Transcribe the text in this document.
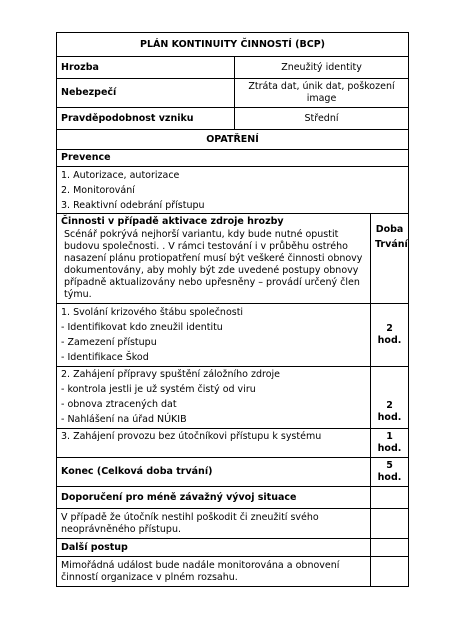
PLÁN KONTINUITY ČINNOSTÍ (BCP)		
Hrozba	Zneužitý identity	
Nebezpečí	Ztráta dat, únik dat, poškození image	
Pravděpodobnost vzniku	Střední	
OPATŘENÍ		
Prevence		

1. Autorizace, autorizace
2. Monitorování
3. Reaktivní odebrání přístupu		

Činnosti v případě aktivace zdroje hrozby
Scénář pokrývá nejhorší variantu, kdy bude nutné opustit budovu společnosti. . V rámci testování i v průběhu ostrého nasazení plánu protiopatření musí být veškeré činnosti obnovy dokumentovány, aby mohly být zde uvedené postupy obnovy případně aktualizovány nebo upřesněny – provádí určený člen týmu.		Doba Trvání

1. Svolání krizového štábu společnosti
- Identifikovat kdo zneužil identitu
- Zamezení přístupu
- Identifikace Škod		2 hod.

2. Zahájení přípravy spuštění záložního zdroje
- kontrola jestli je už systém čistý od viru
- obnova ztracených dat
- Nahlášení na úřad NÚKIB		2 hod.
3. Zahájení provozu bez útočníkovi přístupu k systému		1 hod.
Konec (Celková doba trvání)		5 hod.
Doporučení pro méně závažný vývoj situace		
V případě že útočník nestihl poškodit či zneužití svého neoprávněného přístupu.		
Další postup		
Mimořádná událost bude nadále monitorována a obnovení činností organizace v plném rozsahu.		
